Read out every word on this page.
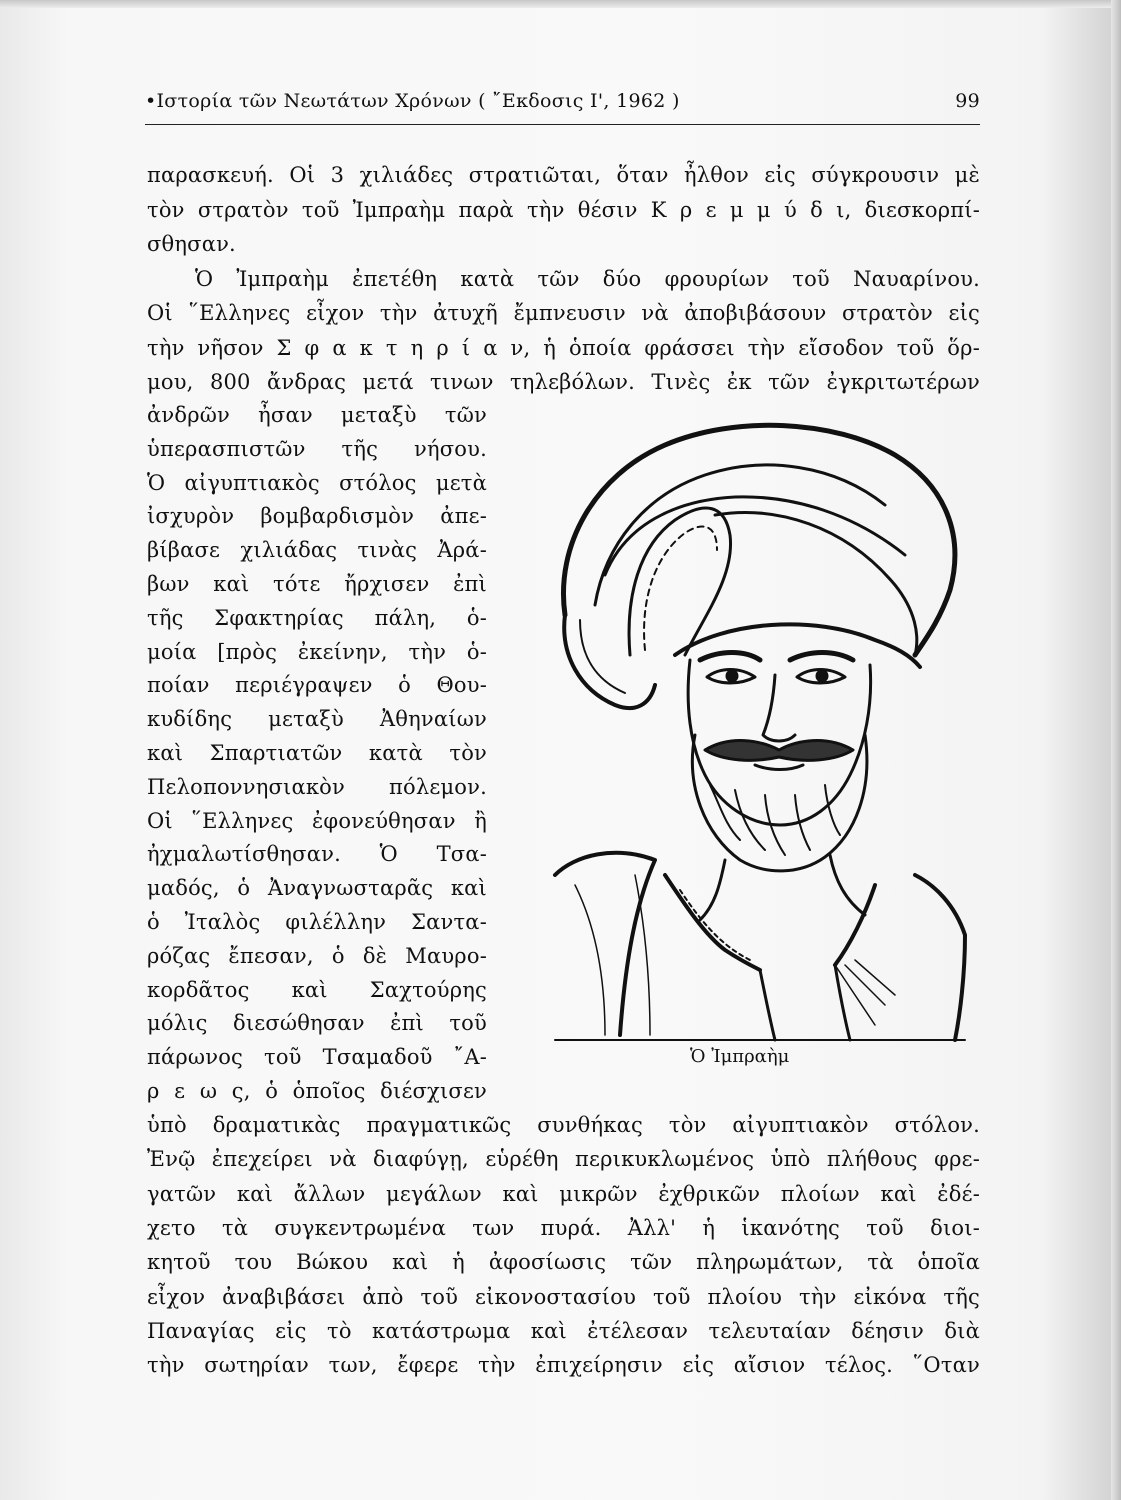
•Ιστορία τῶν Νεωτάτων Χρόνων ( ῎Εκδοσις Ι', 1962 )	99
παρασκευή. Οἱ 3 χιλιάδες στρατιῶται, ὅταν ἦλθον εἰς σύγκρουσιν μὲ
τὸν στρατὸν τοῦ Ἰμπραὴμ παρὰ τὴν θέσιν Κ ρ ε μ μ ύ δ ι, διεσκορπί-
σθησαν.
Ὁ Ἰμπραὴμ ἐπετέθη κατὰ τῶν δύο φρουρίων τοῦ Ναυαρίνου.
Οἱ ῞Ελληνες εἶχον τὴν ἀτυχῆ ἔμπνευσιν νὰ ἀποβιβάσουν στρατὸν εἰς
τὴν νῆσον Σ φ α κ τ η ρ ί α ν, ἡ ὁποία φράσσει τὴν εἴσοδον τοῦ ὅρ-
μου, 800 ἄνδρας μετά τινων τηλεβόλων. Τινὲς ἐκ τῶν ἐγκριτωτέρων
ἀνδρῶν ἦσαν μεταξὺ τῶν
ὑπερασπιστῶν τῆς νήσου.
Ὁ αἰγυπτιακὸς στόλος μετὰ
ἰσχυρὸν βομβαρδισμὸν ἀπε-
βίβασε χιλιάδας τινὰς Ἀρά-
βων καὶ τότε ἤρχισεν ἐπὶ
τῆς Σφακτηρίας πάλη, ὁ-
μοία [πρὸς ἐκείνην, τὴν ὁ-
ποίαν περιέγραψεν ὁ Θου-
κυδίδης μεταξὺ Ἀθηναίων
καὶ Σπαρτιατῶν κατὰ τὸν
Πελοποννησιακὸν πόλεμον.
Οἱ ῞Ελληνες ἐφονεύθησαν ἢ
ἠχμαλωτίσθησαν. Ὁ Τσα-
μαδός, ὁ Ἀναγνωσταρᾶς καὶ
ὁ Ἰταλὸς φιλέλλην Σαντα-
ρόζας ἔπεσαν, ὁ δὲ Μαυρο-
κορδᾶτος καὶ Σαχτούρης
μόλις διεσώθησαν ἐπὶ τοῦ
πάρωνος τοῦ Τσαμαδοῦ ῎Α-
ρ ε ω ς, ὁ ὁποῖος διέσχισεν
ὑπὸ δραματικὰς πραγματικῶς συνθήκας τὸν αἰγυπτιακὸν στόλον.
Ἐνῷ ἐπεχείρει νὰ διαφύγῃ, εὑρέθη περικυκλωμένος ὑπὸ πλήθους φρε-
γατῶν καὶ ἄλλων μεγάλων καὶ μικρῶν ἐχθρικῶν πλοίων καὶ ἐδέ-
χετο τὰ συγκεντρωμένα των πυρά. Ἀλλ' ἡ ἱκανότης τοῦ διοι-
κητοῦ του Βώκου καὶ ἡ ἀφοσίωσις τῶν πληρωμάτων, τὰ ὁποῖα
εἶχον ἀναβιβάσει ἀπὸ τοῦ εἰκονοστασίου τοῦ πλοίου τὴν εἰκόνα τῆς
Παναγίας εἰς τὸ κατάστρωμα καὶ ἐτέλεσαν τελευταίαν δέησιν διὰ
τὴν σωτηρίαν των, ἔφερε τὴν ἐπιχείρησιν εἰς αἴσιον τέλος. ῞Οταν
Ὁ Ἰμπραὴμ
